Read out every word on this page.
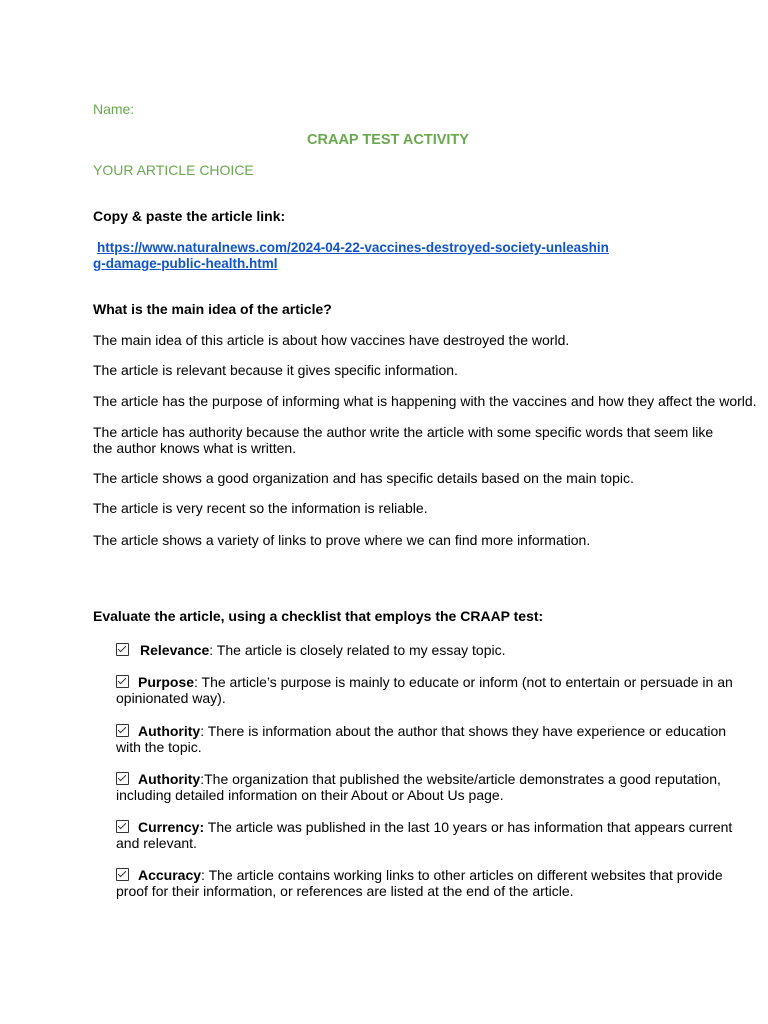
Name:
CRAAP TEST ACTIVITY
YOUR ARTICLE CHOICE
Copy & paste the article link:
https://www.naturalnews.com/2024-04-22-vaccines-destroyed-society-unleashing-damage-public-health.html
What is the main idea of the article?
The main idea of this article is about how vaccines have destroyed the world.
The article is relevant because it gives specific information.
The article has the purpose of informing what is happening with the vaccines and how they affect the world.
The article has authority because the author write the article with some specific words that seem like the author knows what is written.
The article shows a good organization and has specific details based on the main topic.
The article is very recent so the information is reliable.
The article shows a variety of links to prove where we can find more information.
Evaluate the article, using a checklist that employs the CRAAP test:
Relevance: The article is closely related to my essay topic.
Purpose: The article’s purpose is mainly to educate or inform (not to entertain or persuade in an opinionated way).
Authority: There is information about the author that shows they have experience or education with the topic.
Authority:The organization that published the website/article demonstrates a good reputation, including detailed information on their About or About Us page.
Currency: The article was published in the last 10 years or has information that appears current and relevant.
Accuracy: The article contains working links to other articles on different websites that provide proof for their information, or references are listed at the end of the article.
